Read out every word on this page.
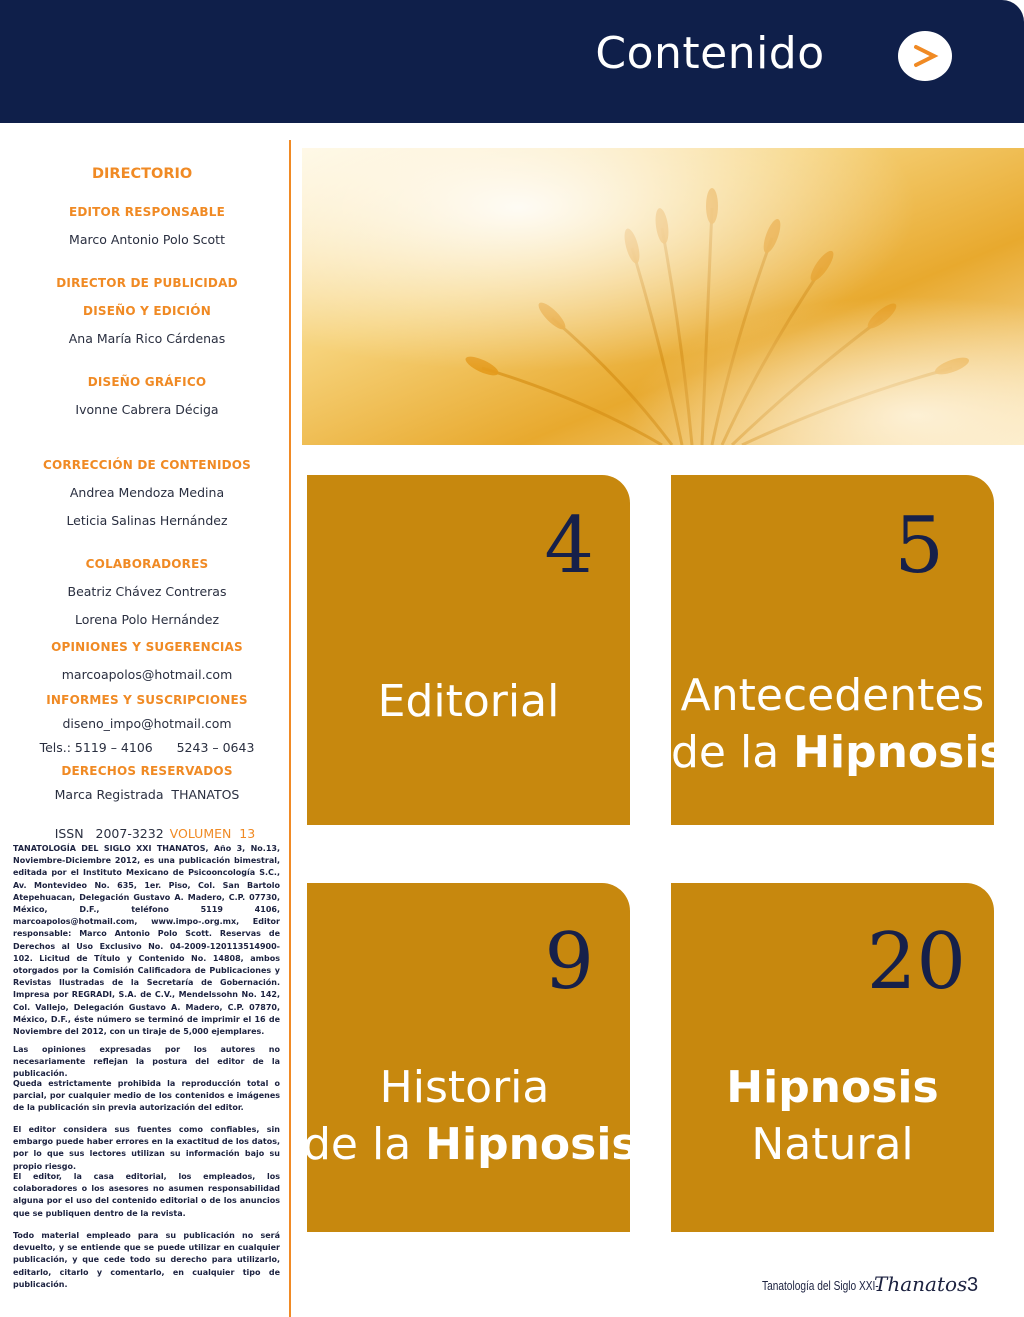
Contenido
DIRECTORIO
EDITOR RESPONSABLE
Marco Antonio Polo Scott
DIRECTOR DE PUBLICIDAD
DISEÑO Y EDICIÓN
Ana María Rico Cárdenas
DISEÑO GRÁFICO
Ivonne Cabrera Déciga
CORRECCIÓN DE CONTENIDOS
Andrea Mendoza Medina
Leticia Salinas Hernández
COLABORADORES
Beatriz Chávez Contreras
Lorena Polo Hernández
OPINIONES Y SUGERENCIAS
marcoapolos@hotmail.com
INFORMES Y SUSCRIPCIONES
diseno_impo@hotmail.com
Tels.: 5119 – 4106      5243 – 0643
DERECHOS RESERVADOS
Marca Registrada  THANATOS

ISSN   2007-3232 VOLUMEN  13

TANATOLOGÍA DEL SIGLO XXI THANATOS, Año 3, No.13, Noviembre-Diciembre 2012, es una publicación bimestral, editada por el Instituto Mexicano de Psicooncología S.C., Av. Montevideo No. 635, 1er. Piso, Col. San Bartolo Atepehuacan, Delegación Gustavo A. Madero, C.P. 07730, México, D.F., teléfono 5119 4106, marcoapolos@hotmail.com, www.impo-.org.mx, Editor responsable: Marco Antonio Polo Scott. Reservas de Derechos al Uso Exclusivo No. 04-2009-120113514900-102. Licitud de Título y Contenido No. 14808, ambos otorgados por la Comisión Calificadora de Publicaciones y Revistas Ilustradas de la Secretaría de Gobernación. Impresa por REGRADI, S.A. de C.V., Mendelssohn No. 142, Col. Vallejo, Delegación Gustavo A. Madero, C.P. 07870, México, D.F., éste número se terminó de imprimir el 16 de Noviembre del 2012, con un tiraje de 5,000 ejemplares.
Las opiniones expresadas por los autores no necesariamente reflejan la postura del editor de la publicación.
Queda estrictamente prohibida la reproducción total o parcial, por cualquier medio de los contenidos e imágenes de la publicación sin previa autorización del editor.
El editor considera sus fuentes como confiables, sin embargo puede haber errores en la exactitud de los datos, por lo que sus lectores utilizan su información bajo su propio riesgo.
El editor, la casa editorial, los empleados, los colaboradores o los asesores no asumen responsabilidad alguna por el uso del contenido editorial o de los anuncios que se publiquen dentro de la revista.
Todo material empleado para su publicación no será devuelto, y se entiende que se puede utilizar en cualquier publicación, y que cede todo su derecho para utilizarlo, editarlo, citarlo y comentarlo, en cualquier tipo de publicación.
4
Editorial
5
Antecedentes
de la Hipnosis
9
Historia
de la Hipnosis
20
Hipnosis
Natural
Tanatología del Siglo XXI-
Thanatos 3
